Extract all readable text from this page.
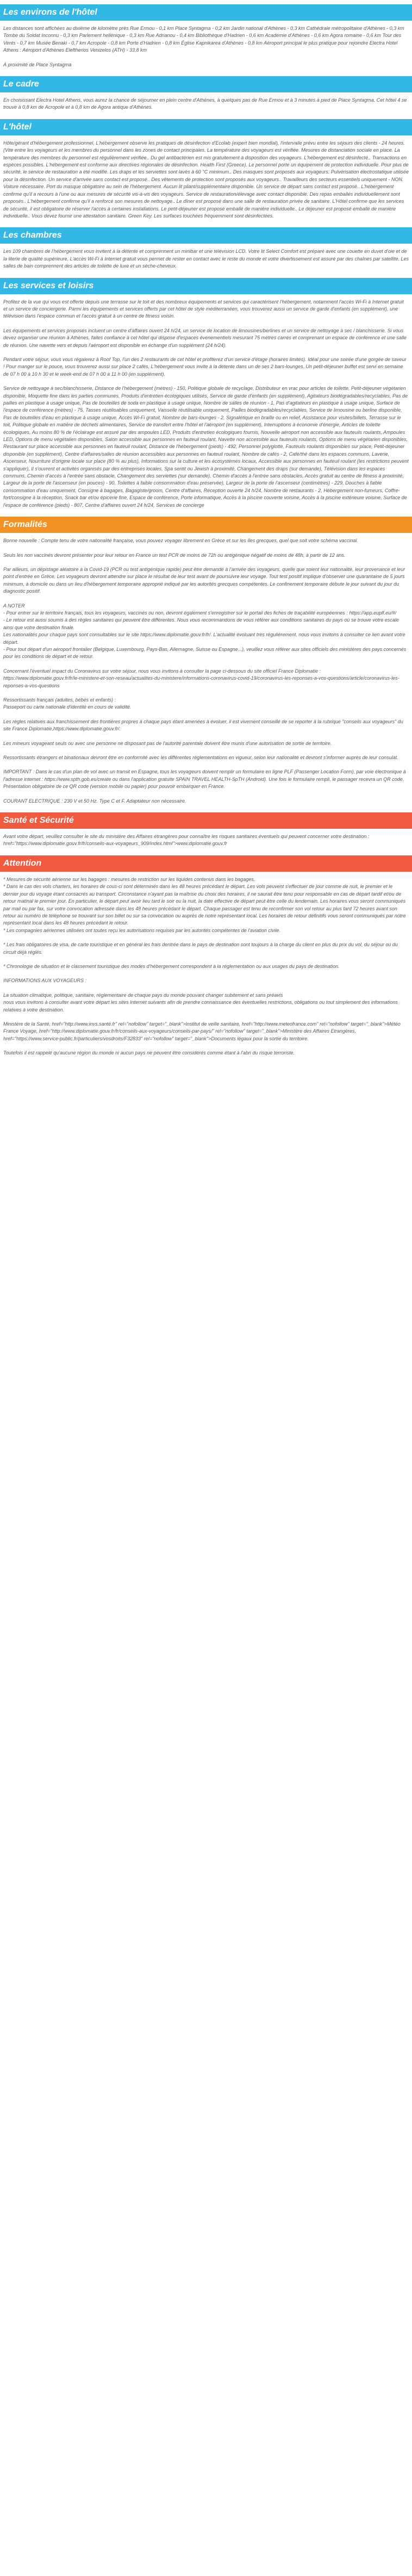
Les environs de l'hôtel

Les distances sont affichées au dixième de kilomètre près Rue Ermou - 0,1 km Place Syntagma - 0,2 km Jardin national d'Athènes - 0,3 km Cathédrale métropolitaine d'Athènes - 0,3 km Tombe du Soldat Inconnu - 0,3 km Parlement hellénique - 0,3 km Rue Adrianou - 0,4 km Bibliothèque d'Hadrien - 0,6 km Académie d'Athènes - 0,6 km Agora romaine - 0,6 km Tour des Vents - 0,7 km Musée Benaki - 0,7 km Acropole - 0,8 km Porte d'Hadrien - 0,8 km Église Kapnikarea d'Athènes - 0,8 km Aéroport principal le plus pratique pour rejoindre Electra Hotel Athens : Aéroport d'Athènes Eleftherios Venizelos (ATH) - 33,8 km

À proximité de Place Syntagma

Le cadre

En choisissant Electra Hotel Athens, vous aurez la chance de séjourner en plein centre d'Athènes, à quelques pas de Rue Ermou et à 3 minutes à pied de Place Syntagma. Cet hôtel 4 se trouve à 0,8 km de Acropole et à 0,8 km de Agora antique d'Athènes.

L'hôtel

Hôte/gérant d'hébergement professionnel, L'hébergement observe les pratiques de désinfection d'Ecolab (expert bien mondial), l'intervalle prévu entre les séjours des clients - 24 heures. (Vite entre les voyageurs et les membres du personnel dans les zones de contact principales. La température des voyageurs est vérifiée. Mesures de distanciation sociale en place. La température des membres du personnel est régulièrement vérifiée.. Du gel antibactérien est mis gratuitement à disposition des voyageurs. L'hébergement est désinfecté.. Transactions en espèces possibles. L'hébergement est conforme aux directives régionales de désinfection. Health First (Greece). Le personnel porte un équipement de protection individuelle. Pour plus de sécurité, le service de restauration a été modifié. Les draps et les serviettes sont lavés à 60 °C minimum.. Des masques sont proposés aux voyageurs. Pulvérisation électrostatique utilisée pour la désinfection. Un service d'arrivée sans contact est proposé.. Des vêtements de protection sont proposés aux voyageurs.. Travailleurs des secteurs essentiels uniquement - NON. Voiture nécessaire. Port du masque obligatoire au sein de l'hébergement. Aucun lit pliant/supplémentaire disponible. Un service de départ sans contact est proposé.. L'hébergement confirme qu'il a recours à l'une ou aux mesures de sécurité vis-à-vis des voyageurs. Service de restauration/élevage avec contact disponible. Des repas emballés individuellement sont proposés.. L'hébergement confirme qu'il a renforcé son mesures de nettoyage.. Le dîner est proposé dans une salle de restauration privée de sanitaire. L'Hôtel confirme que les services de sécurité, il est obligatoire de réserver l'accès à certaines installations. Le petit-déjeuner est proposé emballé de manière individuelle.. Le déjeuner est proposé emballé de manière individuelle.. Vous devez fournir une attestation sanitaire. Green Key. Les surfaces touchées fréquemment sont désinfectées.

Les chambres

Les 109 chambres de l'hébergement vous invitent à la détente et comprennent un minibar et une télévision LCD. Votre lit Select Comfort est préparé avec une couette en duvet d'oie et de la literie de qualité supérieure. L'accès Wi-Fi à Internet gratuit vous permet de rester en contact avec le reste du monde et votre divertissement est assuré par des chaînes par satellite. Les salles de bain comprennent des articles de toilette de luxe et un sèche-cheveux.

Les services et loisirs

Profitez de la vue qui vous est offerte depuis une terrasse sur le toit et des nombreux équipements et services qui caractérisent l'hébergement, notamment l'accès Wi-Fi à Internet gratuit et un service de conciergerie. Parmi les équipements et services offerts par cet hôtel de style méditerranéen, vous trouverez aussi un service de garde d'enfants (en supplément), une télévision dans l'espace commun et l'accès gratuit à un centre de fitness voisin.

Les équipements et services proposés incluent un centre d'affaires ouvert 24 h/24, un service de location de limousines/berlines et un service de nettoyage à sec / blanchisserie. Si vous devez organiser une réunion à Athènes, faites confiance à cet hôtel qui dispose d'espaces événementiels mesurant 75 mètres carrés et comprenant un espace de conférence et une salle de réunion. Une navette vers et depuis l'aéroport est disponible en échange d'un supplément (24 h/24).

Pendant votre séjour, vous vous régalerez à Roof Top, l'un des 2 restaurants de cet hôtel et profiterez d'un service d'étage (horaires limités). Idéal pour une soirée d'une gorgée de saveur ! Pour manger sur le pouce, vous trouverez aussi sur place 2 cafés. L'hébergement vous invite à la détente dans un de ses 2 bars-lounges. Un petit-déjeuner buffet est servi en semaine de 07 h 00 à 10 h 30 et le week-end de 07 h 00 à 11 h 00 (en supplément).

Service de nettoyage à sec/blanchisserie, Distance de l'hébergement (mètres) - 150, Politique globale de recyclage, Distributeur en vrac pour articles de toilette, Petit-déjeuner végétarien disponible, Moquette fine dans les parties communes, Produits d'entretien écologiques utilisés, Service de garde d'enfants (en supplément), Agitateurs biodégradables/recyclables, Pas de pailles en plastique à usage unique, Pas de bouteilles de soda en plastique à usage unique, Nombre de salles de réunion - 1, Pas d'agitateurs en plastique à usage unique, Surface de l'espace de conférence (mètres) - 75, Tasses réutilisables uniquement, Vaisselle réutilisable uniquement, Pailles biodégradables/recyclables, Service de limousine ou berline disponible, Pas de bouteilles d'eau en plastique à usage unique, Accès Wi-Fi gratuit, Nombre de bars-lounges - 2, Signalétique en braille ou en relief, Assistance pour visites/billets, Terrasse sur le toit, Politique globale en matière de déchets alimentaires, Service de transfert entre l'hôtel et l'aéroport (en supplément), Interruptions à économie d'énergie, Articles de toilette écologiques, Au moins 80 % de l'éclairage est assuré par des ampoules LED, Produits d'entretien écologiques fournis, Nouvelle aéroport non accessible aux fauteuils roulants, Ampoules LED, Options de menu végétalien disponibles, Salon accessible aux personnes en fauteuil roulant, Navette non accessible aux fauteuils roulants, Options de menu végétarien disponibles, Restaurant sur place accessible aux personnes en fauteuil roulant, Distance de l'hébergement (pieds) - 492, Personnel polyglotte, Fauteuils roulants disponibles sur place, Petit-déjeuner disponible (en supplément), Centre d'affaires/salles de réunion accessibles aux personnes en fauteuil roulant, Nombre de cafés - 2, Café/thé dans les espaces communs, Laverie, Ascenseur, Nourriture d'origine locale sur place (80 % au plus), Informations sur la culture et les écosystèmes locaux, Accessible aux personnes en fauteuil roulant (les restrictions peuvent s'appliquer), Il s'ouvrent et activités organisés par des entreprises locales, Spa sentit ou Jewish à proximité, Changement des draps (sur demande), Télévision dans les espaces communs, Chemin d'accès à l'entrée sans obstacle, Changement des serviettes (sur demande), Chemin d'accès à l'entrée sans obstacles, Accès gratuit au centre de fitness à proximité, Largeur de la porte de l'ascenseur (en pouces) - 90, Toilettes à faible consommation d'eau préservée), Largeur de la porte de l'ascenseur (centimètres) - 229, Douches à faible consommation d'eau uniquement, Consigne à bagages, Bagagiste/groom, Centre d'affaires, Réception ouverte 24 h/24, Nombre de restaurants - 2, Hébergement non-fumeurs, Coffre-fort/consigne à la réception, Snack bar et/ou épicerie fine, Espace de conférence, Porte informatique, Accès à la piscine couverte voisine, Accès à la piscine extérieure voisine, Surface de l'espace de conférence (pieds) - 807, Centre d'affaires ouvert 24 h/24, Services de concierge

Formalités

Bonne nouvelle : Compte tenu de votre nationalité française, vous pouvez voyager librement en Grèce et sur les îles grecques, quel que soit votre schéma vaccinal.

Seuls les non vaccinés devront présenter pour leur retour en France un test PCR de moins de 72h ou antigénique négatif de moins de 48h, à partir de 12 ans.

Par ailleurs, un dépistage aléatoire à la Covid-19 (PCR ou test antigénique rapide) peut être demandé à l'arrivée des voyageurs, quelle que soient leur nationalité, leur provenance et leur point d'entrée en Grèce. Les voyageurs devront attendre sur place le résultat de leur test avant de poursuivre leur voyage. Tout test positif implique d'observer une quarantaine de 5 jours minimum, à domicile ou dans un lieu d'hébergement temporaire approprié indiqué par les autorités grecques compétentes. Le confinement temporaire débute le jour suivant du jour du diagnostic positif.

A NOTER
- Pour entrer sur le territoire français, tous les voyageurs, vaccinés ou non, devront également s'enregistrer sur le portail des fiches de traçabilité européennes : https://app.euplf.eu/#/
- Le retour est aussi soumis à des règles sanitaires qui peuvent être différentes. Nous vous recommandons de vous référer aux conditions sanitaires du pays où se trouve votre escale ainsi que votre destination finale.
Les nationalités pour chaque pays sont consultables sur le site https://www.diplomatie.gouv.fr/fr/. L'actualité évoluant très régulièrement, nous vous invitons à consulter ce lien avant votre départ.
- Pour tout départ d'un aéroport frontalier (Belgique, Luxembourg, Pays-Bas, Allemagne, Suisse ou Espagne...), veuillez vous référer aux sites officiels des ministères des pays concernés pour les conditions de départ et de retour.

Concernant l'éventuel impact du Coronavirus sur votre séjour, nous vous invitons à consulter la page ci-dessous du site officiel France Diplomatie :
https://www.diplomatie.gouv.fr/fr/le-ministere-et-son-reseau/actualites-du-ministere/informations-coronavirus-covid-19/coronavirus-les-reponses-a-vos-questions/article/coronavirus-les-reponses-a-vos-questions

Ressortissants français (adultes, bébés et enfants) :
Passeport ou carte nationale d'identité en cours de validité.

Les règles relatives aux franchissement des frontières propres à chaque pays étant amenées à évoluer, il est vivement conseillé de se reporter à la rubrique "conseils aux voyageurs" du site France Diplomatie,https://www.diplomatie.gouv.fr/.

Les mineurs voyageant seuls ou avec une personne ne disposant pas de l'autorité parentale doivent être munis d'une autorisation de sortie de territoire.

Ressortissants étrangers et binationaux devront être en conformité avec les différentes réglementations en vigueur, selon leur nationalité et devront s'informer auprès de leur consulat.

IMPORTANT : Dans le cas d'un plan de vol avec un transit en Espagne, tous les voyageurs doivent remplir un formulaire en ligne PLF (Passenger Location Form), par voie électronique à l'adresse internet : https://www.spth.gob.es/create ou dans l'application gratuite SPAIN TRAVEL HEALTH-SpTH (Android). Une fois le formulaire rempli, le passager recevra un QR code. Présentation obligatoire de ce QR code (version mobile ou papier) pour pouvoir embarquer en France.

COURANT ELECTRIQUE : 230 V et 50 Hz. Type C et F. Adaptateur non nécessaire.

Santé et Sécurité

Avant votre départ, veuillez consulter le site du ministère des Affaires étrangères pour connaître les risques sanitaires éventuels qui peuvent concerner votre destination : href="https://www.diplomatie.gouv.fr/fr/conseils-aux-voyageurs_909/index.html">www.diplomatie.gouv.fr

Attention

* Mesures de sécurité aérienne sur les bagages : mesures de restriction sur les liquides contenus dans les bagages.
* Dans le cas des vols charters, les horaires de cous-ci sont déterminés dans les 48 heures précédant le départ. Les vols peuvent s'effectuer de jour comme de nuit, le premier et le dernier jour du voyage étant consacrés au transport. Circonstance n'ayant pas la maîtrise du choix des horaires, il ne saurait être tenu pour responsable en cas de départ tardif et/ou de retour matinal le premier jour. En particulier, le départ peut avoir lieu tard le soir ou la nuit, la date effective de départ peut être celle du lendemain. Les horaires vous seront communiqués par mail ou par fax, sur votre convocation adressée dans les 48 heures précédant le départ. Chaque passager est tenu de reconfirmer son vol retour au plus tard 72 heures avant son retour au numéro de téléphone se trouvant sur son billet ou sur sa convocation ou auprès de notre représentant local. Les horaires de retour définitifs vous seront communiqués par notre représentant local dans les 48 heures précédant le retour.
* Les compagnies aériennes utilisées ont toutes reçu les autorisations requises par les autorités compétentes de l'aviation civile.

* Les frais obligatoires de visa, de carte touristique et en général les frais dentrée dans le pays de destination sont toujours à la charge du client en plus du prix du vol, du séjour ou du circuit déjà réglés.

* Chronologie de situation et le classement touristique des modes d'hébergement correspondent à la réglementation ou aux usages du pays de destination.

INFORMATIONS AUX VOYAGEURS :

La situation climatique, politique, sanitaire, réglementaire de chaque pays du monde pouvant changer subitement et sans préavis
nous vous invitons à consulter avant votre départ les sites Internet suivants afin de prendre connaissance des éventuelles restrictions, obligations ou tout simplement des informations relatives à votre destination.

Ministère de la Santé, href="http://www.invs.santé.fr" rel="nofollow" target="_blank">Institut de veille sanitaire, href="http://www.meteofrance.com" rel="nofollow" target="_blank">Météo France Voyage, href="http://www.diplomatie.gouv.fr/fr/conseils-aux-voyageurs/conseils-par-pays/" rel="nofollow" target="_blank">Ministère des Affaires Etrangères, href="https://www.service-public.fr/particuliers/vosdroits/F32833" rel="nofollow" target="_blank">Documents légaux pour la sortie du territoire.

Toutefois il est rappelé qu'aucune région du monde ni aucun pays ne peuvent être considérés comme étant à l'abri du risque terroriste.
